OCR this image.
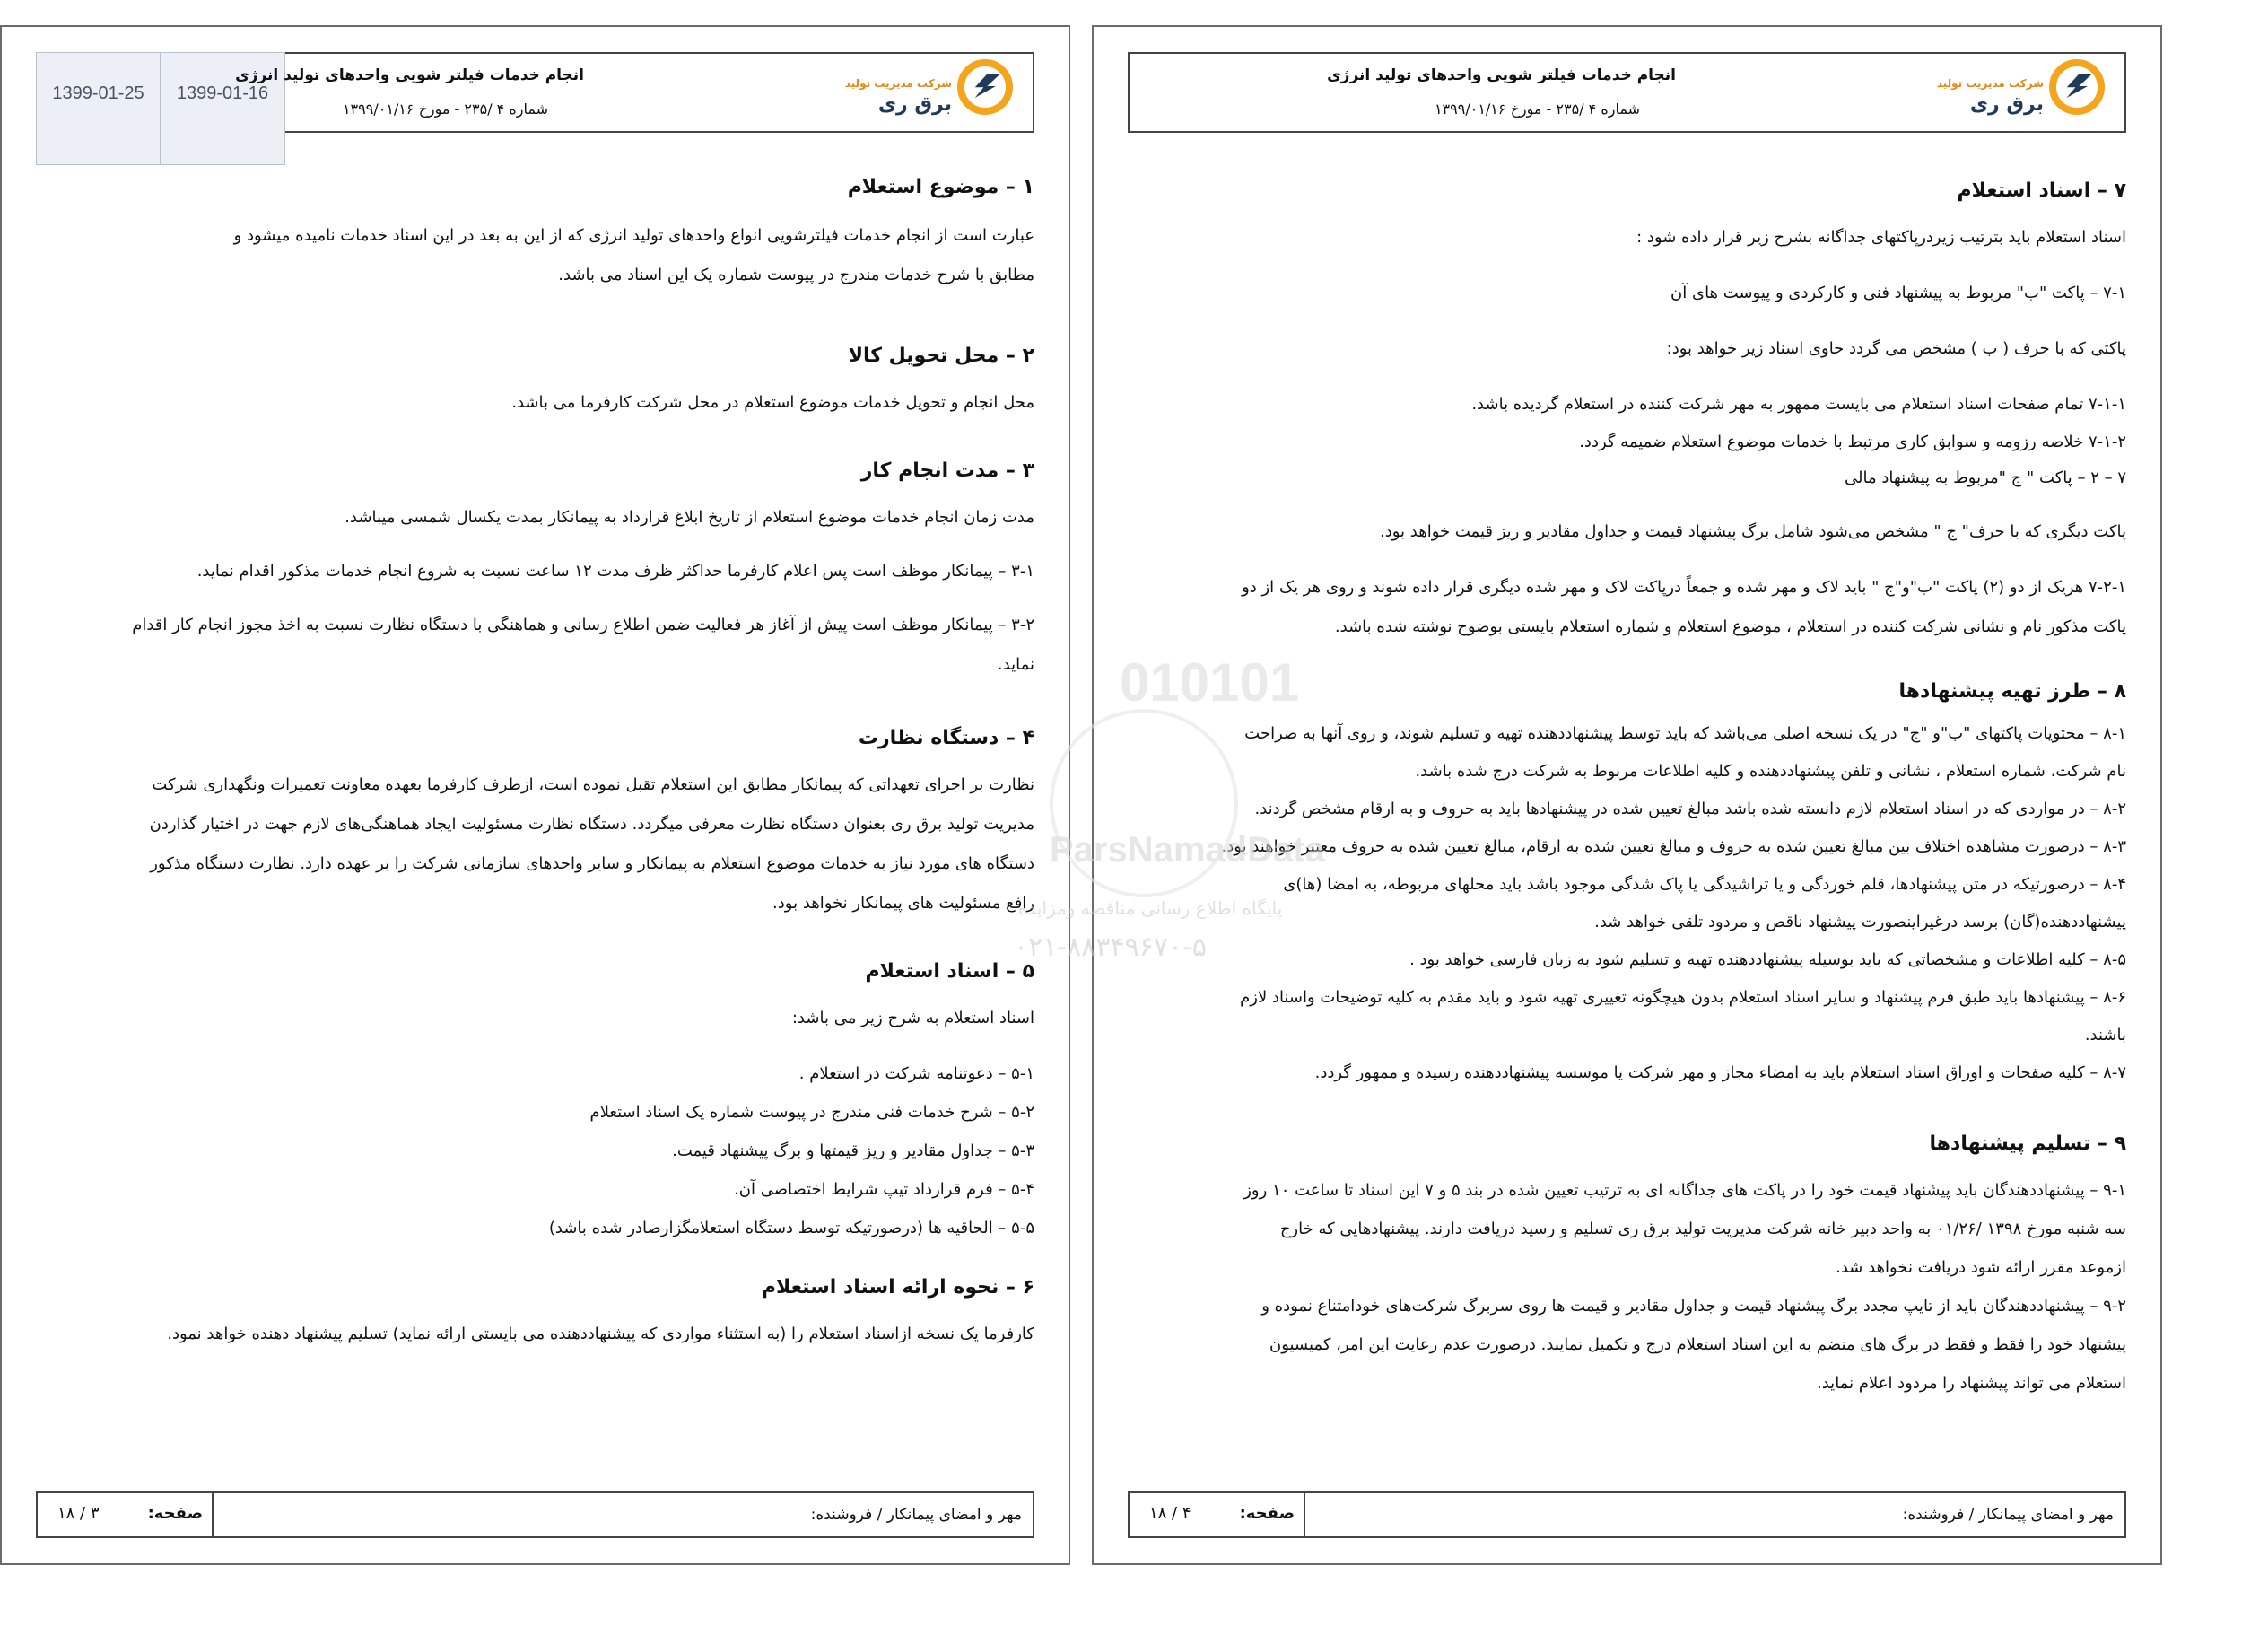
1399-01-25	1399-01-16
انجام خدمات فیلتر شویی واحدهای تولید انرژی
شماره ۴ /۲۳۵ - مورخ ۱۳۹۹/۰۱/۱۶
شرکت مدیریت تولید
برق ری
۱ – موضوع استعلام

عبارت است از انجام خدمات فیلترشویی انواع واحدهای تولید انرژی که از این به بعد در این اسناد خدمات نامیده میشود و

مطابق با شرح خدمات مندرج در پیوست شماره یک این اسناد می باشد.

۲ – محل تحویل کالا

محل انجام و تحویل خدمات موضوع استعلام در محل شرکت کارفرما می باشد.

۳ – مدت انجام کار

مدت زمان انجام خدمات موضوع استعلام از تاریخ ابلاغ قرارداد به پیمانکار بمدت یکسال شمسی میباشد.

۳-۱ – پیمانکار موظف است پس اعلام کارفرما حداکثر ظرف مدت ۱۲ ساعت نسبت به شروع انجام خدمات مذکور اقدام نماید.

۳-۲ – پیمانکار موظف است پیش از آغاز هر فعالیت ضمن اطلاع رسانی و هماهنگی با دستگاه نظارت نسبت به اخذ مجوز انجام کار اقدام

نماید.

۴ – دستگاه نظارت

نظارت بر اجرای تعهداتی که پیمانکار مطابق این استعلام تقبل نموده است، ازطرف کارفرما بعهده معاونت تعمیرات ونگهداری شرکت

مدیریت تولید برق ری بعنوان دستگاه نظارت معرفی میگردد. دستگاه نظارت مسئولیت ایجاد هماهنگی‌های لازم جهت در اختیار گذاردن

دستگاه های مورد نیاز به خدمات موضوع استعلام به پیمانکار و سایر واحدهای سازمانی شرکت را بر عهده دارد. نظارت دستگاه مذکور

رافع مسئولیت های پیمانکار نخواهد بود.

۵ – اسناد استعلام

اسناد استعلام به شرح زیر می باشد:

۵-۱ – دعوتنامه شرکت در استعلام .
۵-۲ – شرح خدمات فنی مندرج در پیوست شماره یک اسناد استعلام
۵-۳ – جداول مقادیر و ریز قیمتها و برگ پیشنهاد قیمت.
۵-۴ – فرم قرارداد تیپ شرایط اختصاصی آن.
۵-۵ – الحاقیه ها (درصورتیکه توسط دستگاه استعلامگزارصادر شده باشد)
۶ – نحوه ارائه اسناد استعلام

کارفرما یک نسخه ازاسناد استعلام را (به استثناء مواردی که پیشنهاددهنده می بایستی ارائه نماید) تسلیم پیشنهاد دهنده خواهد نمود.

مهر و امضای پیمانکار / فروشنده:
صفحه:
۱۸ / ۳
انجام خدمات فیلتر شویی واحدهای تولید انرژی
شماره ۴ /۲۳۵ - مورخ ۱۳۹۹/۰۱/۱۶
شرکت مدیریت تولید
برق ری
۷ – اسناد استعلام

اسناد استعلام باید بترتیب زیردرپاکتهای جداگانه بشرح زیر قرار داده شود :

۷-۱ – پاکت "ب" مربوط به پیشنهاد فنی و کارکردی و پیوست های آن

پاکتی که با حرف ( ب ) مشخص می گردد حاوی اسناد زیر خواهد بود:

۷-۱-۱ تمام صفحات اسناد استعلام می بایست ممهور به مهر شرکت کننده در استعلام گردیده باشد.

۷-۱-۲ خلاصه رزومه و سوابق کاری مرتبط با خدمات موضوع استعلام ضمیمه گردد.

۷ – ۲ – پاکت " ج "مربوط به پیشنهاد مالی

پاکت دیگری که با حرف" ج " مشخص می‌شود شامل برگ پیشنهاد قیمت و جداول مقادیر و ریز قیمت خواهد بود.

۷-۲-۱ هریک از دو (۲) پاکت "ب"و"ج " باید لاک و مهر شده و جمعاً درپاکت لاک و مهر شده دیگری قرار داده شوند و روی هر یک از دو

پاکت مذکور نام و نشانی شرکت کننده در استعلام ، موضوع استعلام و شماره استعلام بایستی بوضوح نوشته شده باشد.

۸ – طرز تهیه پیشنهادها
۸-۱ – محتویات پاکتهای "ب"و "ج" در یک نسخه اصلی می‌باشد که باید توسط پیشنهاددهنده تهیه و تسلیم شوند، و روی آنها به صراحت
نام شرکت، شماره استعلام ، نشانی و تلفن پیشنهاددهنده و کلیه اطلاعات مربوط به شرکت درج شده باشد.
۸-۲ – در مواردی که در اسناد استعلام لازم دانسته شده باشد مبالغ تعیین شده در پیشنهادها باید به حروف و به ارقام مشخص گردند.
۸-۳ – درصورت مشاهده اختلاف بین مبالغ تعیین شده به حروف و مبالغ تعیین شده به ارقام، مبالغ تعیین شده به حروف معتبر خواهند بود.
۸-۴ – درصورتیکه در متن پیشنهادها، قلم خوردگی و یا تراشیدگی یا پاک شدگی موجود باشد باید محلهای مربوطه، به امضا (ها)ی
پیشنهاددهنده(گان) برسد درغیراینصورت پیشنهاد ناقص و مردود تلقی خواهد شد.
۸-۵ – کلیه اطلاعات و مشخصاتی که باید بوسیله پیشنهاددهنده تهیه و تسلیم شود به زبان فارسی خواهد بود .
۸-۶ – پیشنهادها باید طبق فرم پیشنهاد و سایر اسناد استعلام بدون هیچگونه تغییری تهیه شود و باید مقدم به کلیه توضیحات واسناد لازم
باشند.
۸-۷ – کلیه صفحات و اوراق اسناد استعلام باید به امضاء مجاز و مهر شرکت یا موسسه پیشنهاددهنده رسیده و ممهور گردد.
۹ – تسلیم پیشنهادها
۹-۱ – پیشنهاددهندگان باید پیشنهاد قیمت خود را در پاکت های جداگانه ای به ترتیب تعیین شده در بند ۵ و ۷ این اسناد تا ساعت ۱۰ روز
سه شنبه مورخ ۱۳۹۸ /۰۱/۲۶ به واحد دبیر خانه شرکت مدیریت تولید برق ری تسلیم و رسید دریافت دارند. پیشنهادهایی که خارج
ازموعد مقرر ارائه شود دریافت نخواهد شد.
۹-۲ – پیشنهاددهندگان باید از تایپ مجدد برگ پیشنهاد قیمت و جداول مقادیر و قیمت ها روی سربرگ شرکت‌های خودامتناع نموده و
پیشنهاد خود را فقط و فقط در برگ های منضم به این اسناد استعلام درج و تکمیل نمایند. درصورت عدم رعایت این امر، کمیسیون
استعلام می تواند پیشنهاد را مردود اعلام نماید.
مهر و امضای پیمانکار / فروشنده:
صفحه:
۱۸ / ۴
010101
ParsNamadData
پایگاه اطلاع رسانی مناقصه ومزایده
۰۲۱-۸۸۳۴۹۶۷۰-۵
